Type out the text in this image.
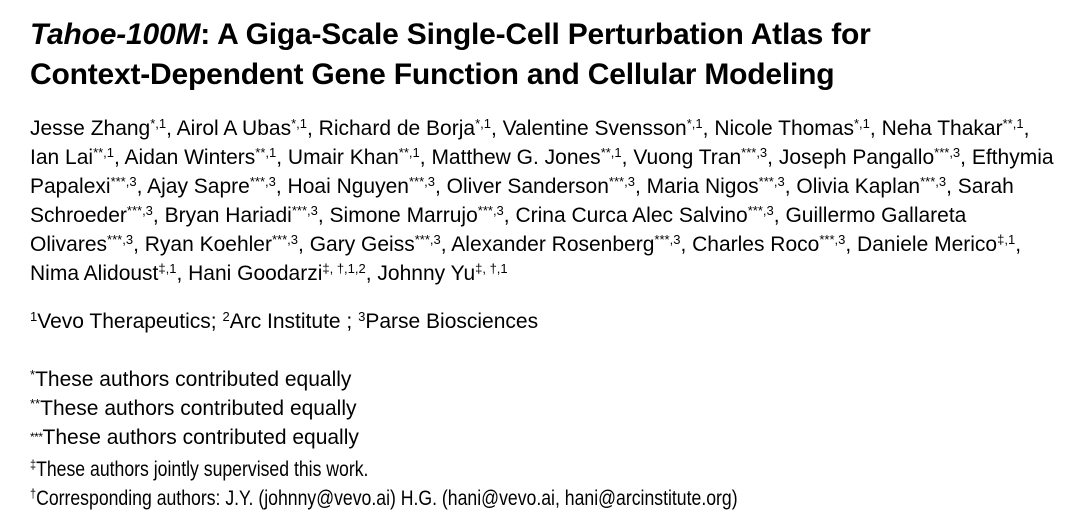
Tahoe-100M: A Giga-Scale Single-Cell Perturbation Atlas for
Context-Dependent Gene Function and Cellular Modeling

Jesse Zhang$^{*,1}$, Airol A Ubas$^{*,1}$, Richard de Borja$^{*,1}$, Valentine Svensson$^{*,1}$, Nicole Thomas$^{*,1}$, Neha Thakar$^{**,1}$, Ian Lai$^{**,1}$, Aidan Winters$^{**,1}$, Umair Khan$^{**,1}$, Matthew G. Jones$^{**,1}$, Vuong Tran$^{***,3}$, Joseph Pangallo$^{***,3}$, Efthymia Papalexi$^{***,3}$, Ajay Sapre$^{***,3}$, Hoai Nguyen$^{***,3}$, Oliver Sanderson$^{***,3}$, Maria Nigos$^{***,3}$, Olivia Kaplan$^{***,3}$, Sarah Schroeder$^{***,3}$, Bryan Hariadi$^{***,3}$, Simone Marrujo$^{***,3}$, Crina Curca Alec Salvino$^{***,3}$, Guillermo Gallareta Olivares$^{***,3}$, Ryan Koehler$^{***,3}$, Gary Geiss$^{***,3}$, Alexander Rosenberg$^{***,3}$, Charles Roco$^{***,3}$, Daniele Merico$^{\ddagger,1}$, Nima Alidoust$^{\ddagger,1}$, Hani Goodarzi$^{\ddagger, \dagger,1,2}$, Johnny $Yu^{\ddagger, \dagger,1}$

$^1$Vevo Therapeutics; $^2$Arc Institute ; $^3$Parse Biosciences

*These authors contributed equally

**These authors contributed equally

***These authors contributed equally

‡These authors jointly supervised this work.

†Corresponding authors: J.Y. (johnny@vevo.ai) H.G. (hani@vevo.ai, hani@arcinstitute.org)
